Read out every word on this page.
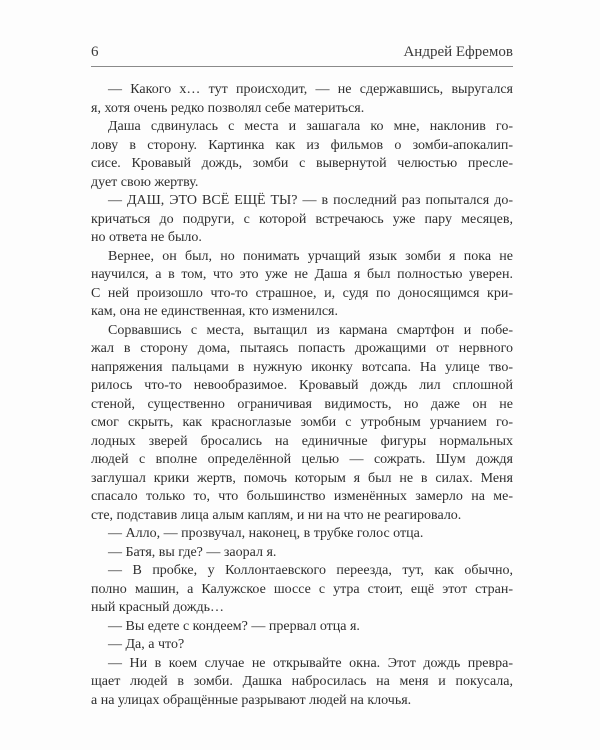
6	Андрей Ефремов
— Какого х… тут происходит, — не сдержавшись, выругался
я, хотя очень редко позволял себе материться.
Даша сдвинулась с места и зашагала ко мне, наклонив го-
лову в сторону. Картинка как из фильмов о зомби-апокалип-
сисе. Кровавый дождь, зомби с вывернутой челюстью пресле-
дует свою жертву.
— ДАШ, ЭТО ВСЁ ЕЩЁ ТЫ? — в последний раз попытался до-
кричаться до подруги, с которой встречаюсь уже пару месяцев,
но ответа не было.
Вернее, он был, но понимать урчащий язык зомби я пока не
научился, а в том, что это уже не Даша я был полностью уверен.
С ней произошло что-то страшное, и, судя по доносящимся кри-
кам, она не единственная, кто изменился.
Сорвавшись с места, вытащил из кармана смартфон и побе-
жал в сторону дома, пытаясь попасть дрожащими от нервного
напряжения пальцами в нужную иконку вотсапа. На улице тво-
рилось что-то невообразимое. Кровавый дождь лил сплошной
стеной, существенно ограничивая видимость, но даже он не
смог скрыть, как красноглазые зомби с утробным урчанием го-
лодных зверей бросались на единичные фигуры нормальных
людей с вполне определённой целью — сожрать. Шум дождя
заглушал крики жертв, помочь которым я был не в силах. Меня
спасало только то, что большинство изменённых замерло на ме-
сте, подставив лица алым каплям, и ни на что не реагировало.
— Алло, — прозвучал, наконец, в трубке голос отца.
— Батя, вы где? — заорал я.
— В пробке, у Коллонтаевского переезда, тут, как обычно,
полно машин, а Калужское шоссе с утра стоит, ещё этот стран-
ный красный дождь…
— Вы едете с кондеем? — прервал отца я.
— Да, а что?
— Ни в коем случае не открывайте окна. Этот дождь превра-
щает людей в зомби. Дашка набросилась на меня и покусала,
а на улицах обращённые разрывают людей на клочья.
